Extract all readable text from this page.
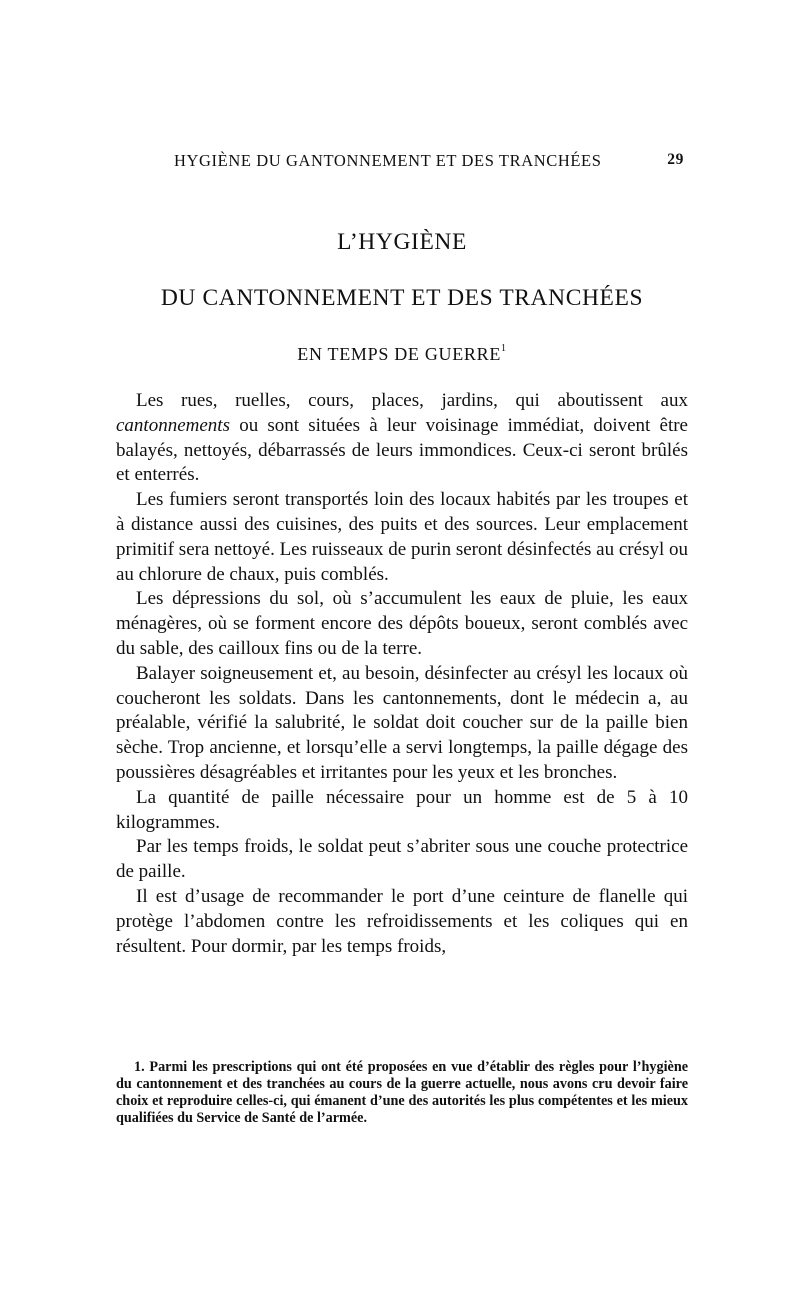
HYGIÈNE DU GANTONNEMENT ET DES TRANCHÉES	29
L’HYGIÈNE
DU CANTONNEMENT ET DES TRANCHÉES
EN TEMPS DE GUERRE$^1$

Les rues, ruelles, cours, places, jardins, qui aboutissent aux cantonnements ou sont situées à leur voisinage immédiat, doivent être balayés, nettoyés, débarrassés de leurs immondices. Ceux-ci seront brûlés et enterrés.

Les fumiers seront transportés loin des locaux habités par les troupes et à distance aussi des cuisines, des puits et des sources. Leur emplacement primitif sera nettoyé. Les ruisseaux de purin seront désinfectés au crésyl ou au chlorure de chaux, puis comblés.

Les dépressions du sol, où s’accumulent les eaux de pluie, les eaux ménagères, où se forment encore des dépôts boueux, seront comblés avec du sable, des cailloux fins ou de la terre.

Balayer soigneusement et, au besoin, désinfecter au crésyl les locaux où coucheront les soldats. Dans les cantonnements, dont le médecin a, au préalable, vérifié la salubrité, le soldat doit coucher sur de la paille bien sèche. Trop ancienne, et lorsqu’elle a servi longtemps, la paille dégage des poussières désagréables et irritantes pour les yeux et les bronches.

La quantité de paille nécessaire pour un homme est de 5 à 10 kilogrammes.

Par les temps froids, le soldat peut s’abriter sous une couche protectrice de paille.

Il est d’usage de recommander le port d’une ceinture de flanelle qui protège l’abdomen contre les refroidissements et les coliques qui en résultent. Pour dormir, par les temps froids,

1. Parmi les prescriptions qui ont été proposées en vue d’établir des règles pour l’hygiène du cantonnement et des tranchées au cours de la guerre actuelle, nous avons cru devoir faire choix et reproduire celles-ci, qui émanent d’une des autorités les plus compétentes et les mieux qualifiées du Service de Santé de l’armée.
